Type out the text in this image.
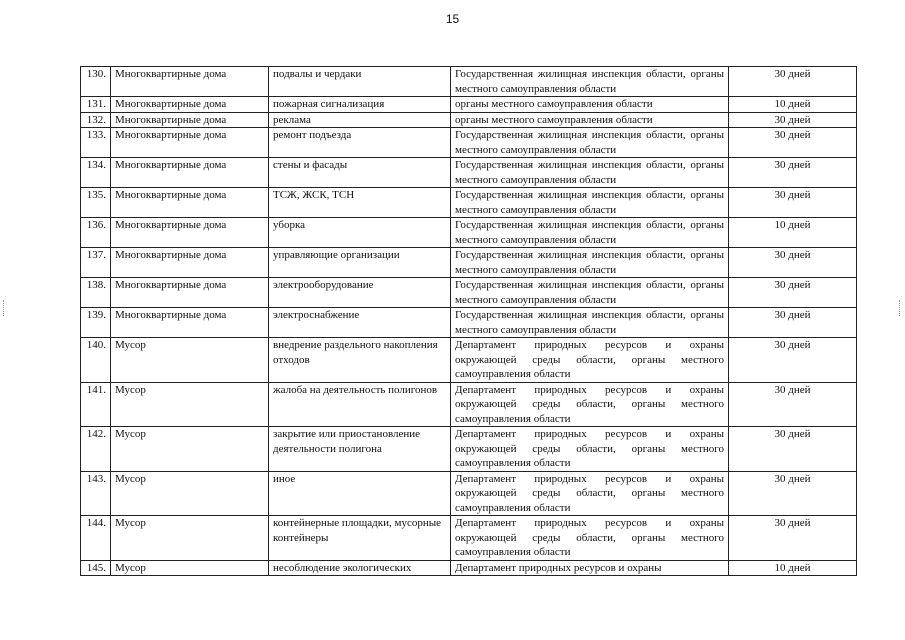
15
130.	Многоквартирные дома	подвалы и чердаки	Государственная жилищная инспекция области, органы местного самоуправления области	30 дней

131.	Многоквартирные дома	пожарная сигнализация	органы местного самоуправления области	10 дней

132.	Многоквартирные дома	реклама	органы местного самоуправления области	30 дней

133.	Многоквартирные дома	ремонт подъезда	Государственная жилищная инспекция области, органы местного самоуправления области	30 дней

134.	Многоквартирные дома	стены и фасады	Государственная жилищная инспекция области, органы местного самоуправления области	30 дней

135.	Многоквартирные дома	ТСЖ, ЖСК, ТСН	Государственная жилищная инспекция области, органы местного самоуправления области	30 дней

136.	Многоквартирные дома	уборка	Государственная жилищная инспекция области, органы местного самоуправления области	10 дней

137.	Многоквартирные дома	управляющие организации	Государственная жилищная инспекция области, органы местного самоуправления области	30 дней

138.	Многоквартирные дома	электрооборудование	Государственная жилищная инспекция области, органы местного самоуправления области	30 дней

139.	Многоквартирные дома	электроснабжение	Государственная жилищная инспекция области, органы местного самоуправления области	30 дней

140.	Мусор	внедрение раздельного накопления отходов	Департамент природных ресурсов и охраны окружающей среды области, органы местного самоуправления области	30 дней

141.	Мусор	жалоба на деятельность полигонов	Департамент природных ресурсов и охраны окружающей среды области, органы местного самоуправления области	30 дней

142.	Мусор	закрытие или приостановление деятельности полигона	Департамент природных ресурсов и охраны окружающей среды области, органы местного самоуправления области	30 дней

143.	Мусор	иное	Департамент природных ресурсов и охраны окружающей среды области, органы местного самоуправления области	30 дней

144.	Мусор	контейнерные площадки, мусорные контейнеры	Департамент природных ресурсов и охраны окружающей среды области, органы местного самоуправления области	30 дней

145.	Мусор	несоблюдение экологических	Департамент природных ресурсов и охраны	10 дней
